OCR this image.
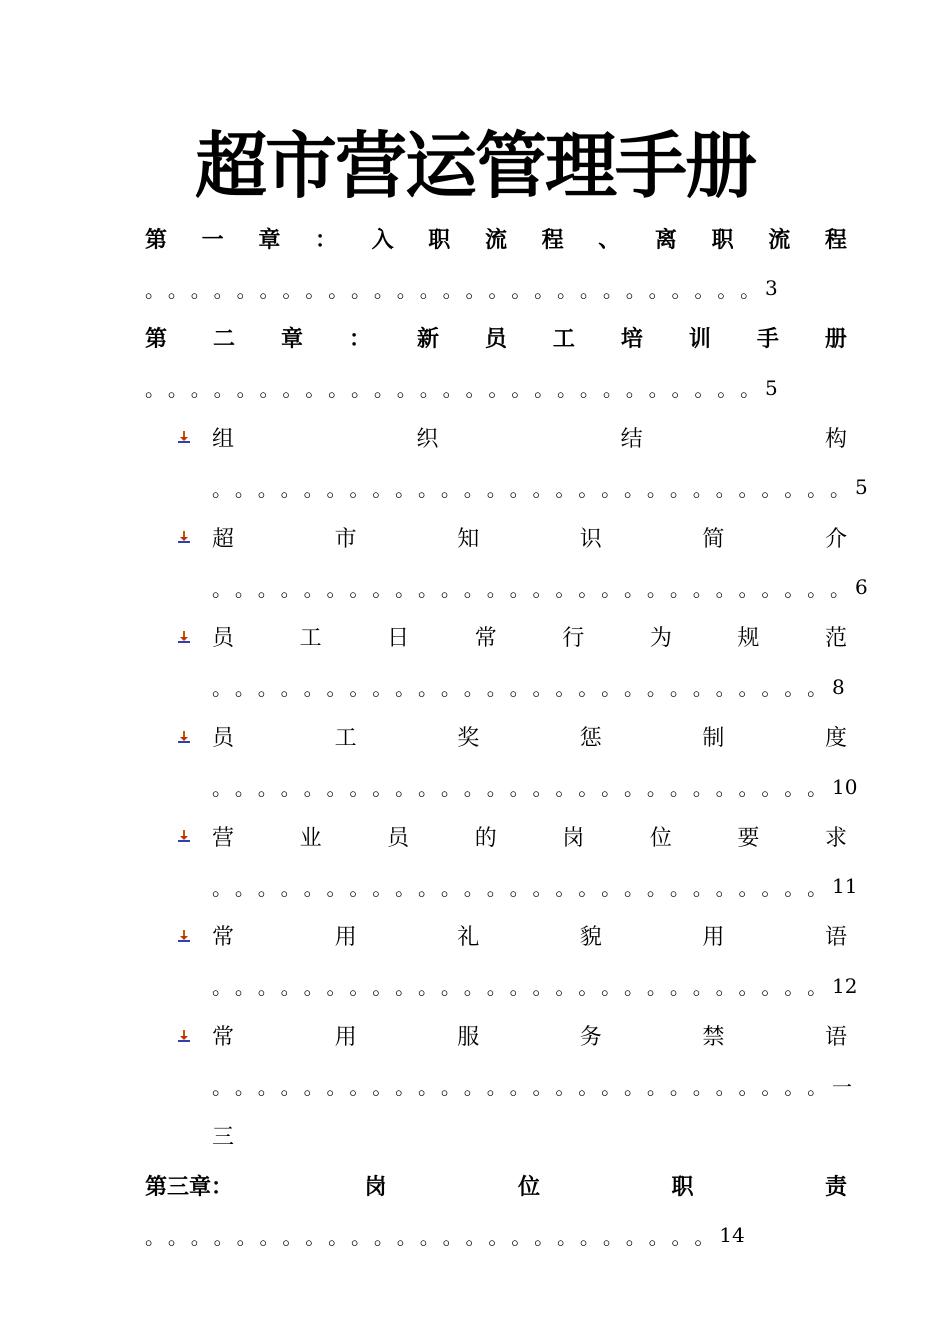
超市营运管理手册
第 一 章 ： 入 职 流 程 、 离 职 流 程
。 。 。 。 。 。 。 。 。 。 。 。 。 。 。 。 。 。 。 。 。 。 。 。 。 。 。 3
第 二 章 ： 新 员 工 培 训 手 册
。 。 。 。 。 。 。 。 。 。 。 。 。 。 。 。 。 。 。 。 。 。 。 。 。 。 。 5
组	织	结	构
。 。 。 。 。 。 。 。 。 。 。 。 。 。 。 。 。 。 。 。 。 。 。 。 。 。 。 。 5
超	市	知	识	简	介
。 。 。 。 。 。 。 。 。 。 。 。 。 。 。 。 。 。 。 。 。 。 。 。 。 。 。 。 6
员	工	日	常	行	为	规	范
。 。 。 。 。 。 。 。 。 。 。 。 。 。 。 。 。 。 。 。 。 。 。 。 。 。 。 8
员	工	奖	惩	制	度
。 。 。 。 。 。 。 。 。 。 。 。 。 。 。 。 。 。 。 。 。 。 。 。 。 。 。 10
营	业	员	的	岗	位	要	求
。 。 。 。 。 。 。 。 。 。 。 。 。 。 。 。 。 。 。 。 。 。 。 。 。 。 。 11
常	用	礼	貌	用	语
。 。 。 。 。 。 。 。 。 。 。 。 。 。 。 。 。 。 。 。 。 。 。 。 。 。 。 12
常	用	服	务	禁	语
。 。 。 。 。 。 。 。 。 。 。 。 。 。 。 。 。 。 。 。 。 。 。 。 。 。 。 一
三
第三章：	岗	位	职	责
。 。 。 。 。 。 。 。 。 。 。 。 。 。 。 。 。 。 。 。 。 。 。 。 。 14
